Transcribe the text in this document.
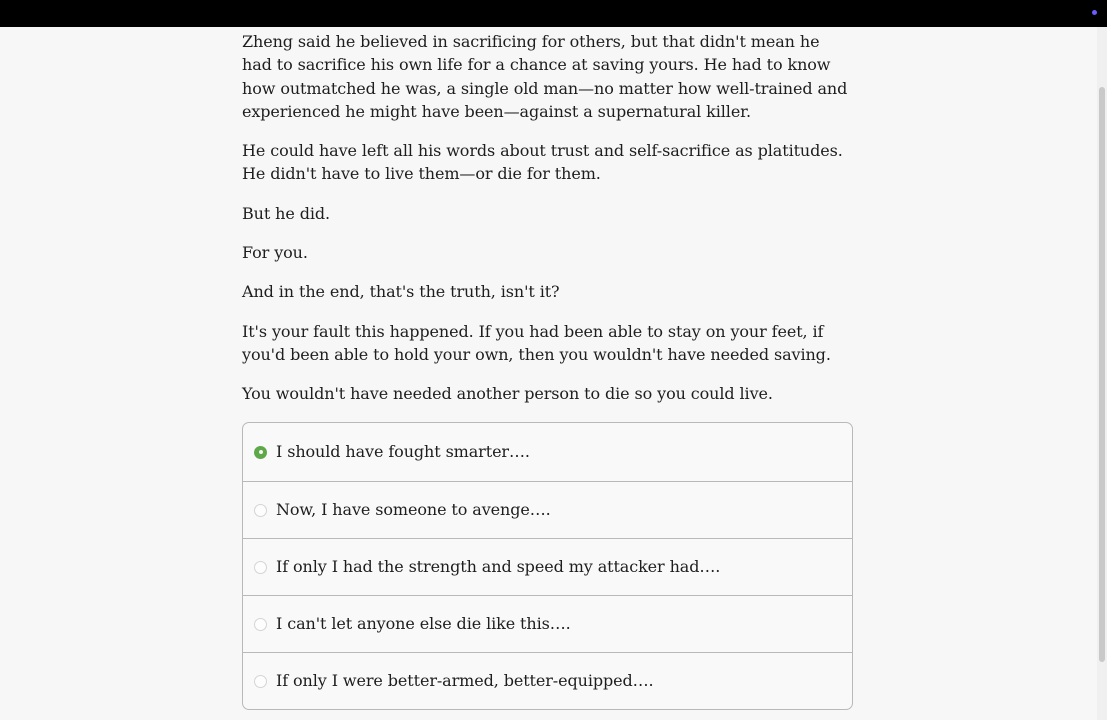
Zheng said he believed in sacrificing for others, but that didn't mean he had to sacrifice his own life for a chance at saving yours. He had to know how outmatched he was, a single old man—no matter how well-trained and experienced he might have been—against a supernatural killer.

He could have left all his words about trust and self-sacrifice as platitudes. He didn't have to live them—or die for them.

But he did.

For you.

And in the end, that's the truth, isn't it?

It's your fault this happened. If you had been able to stay on your feet, if you'd been able to hold your own, then you wouldn't have needed saving.

You wouldn't have needed another person to die so you could live.

I should have fought smarter….
Now, I have someone to avenge….
If only I had the strength and speed my attacker had….
I can't let anyone else die like this….
If only I were better-armed, better-equipped….
